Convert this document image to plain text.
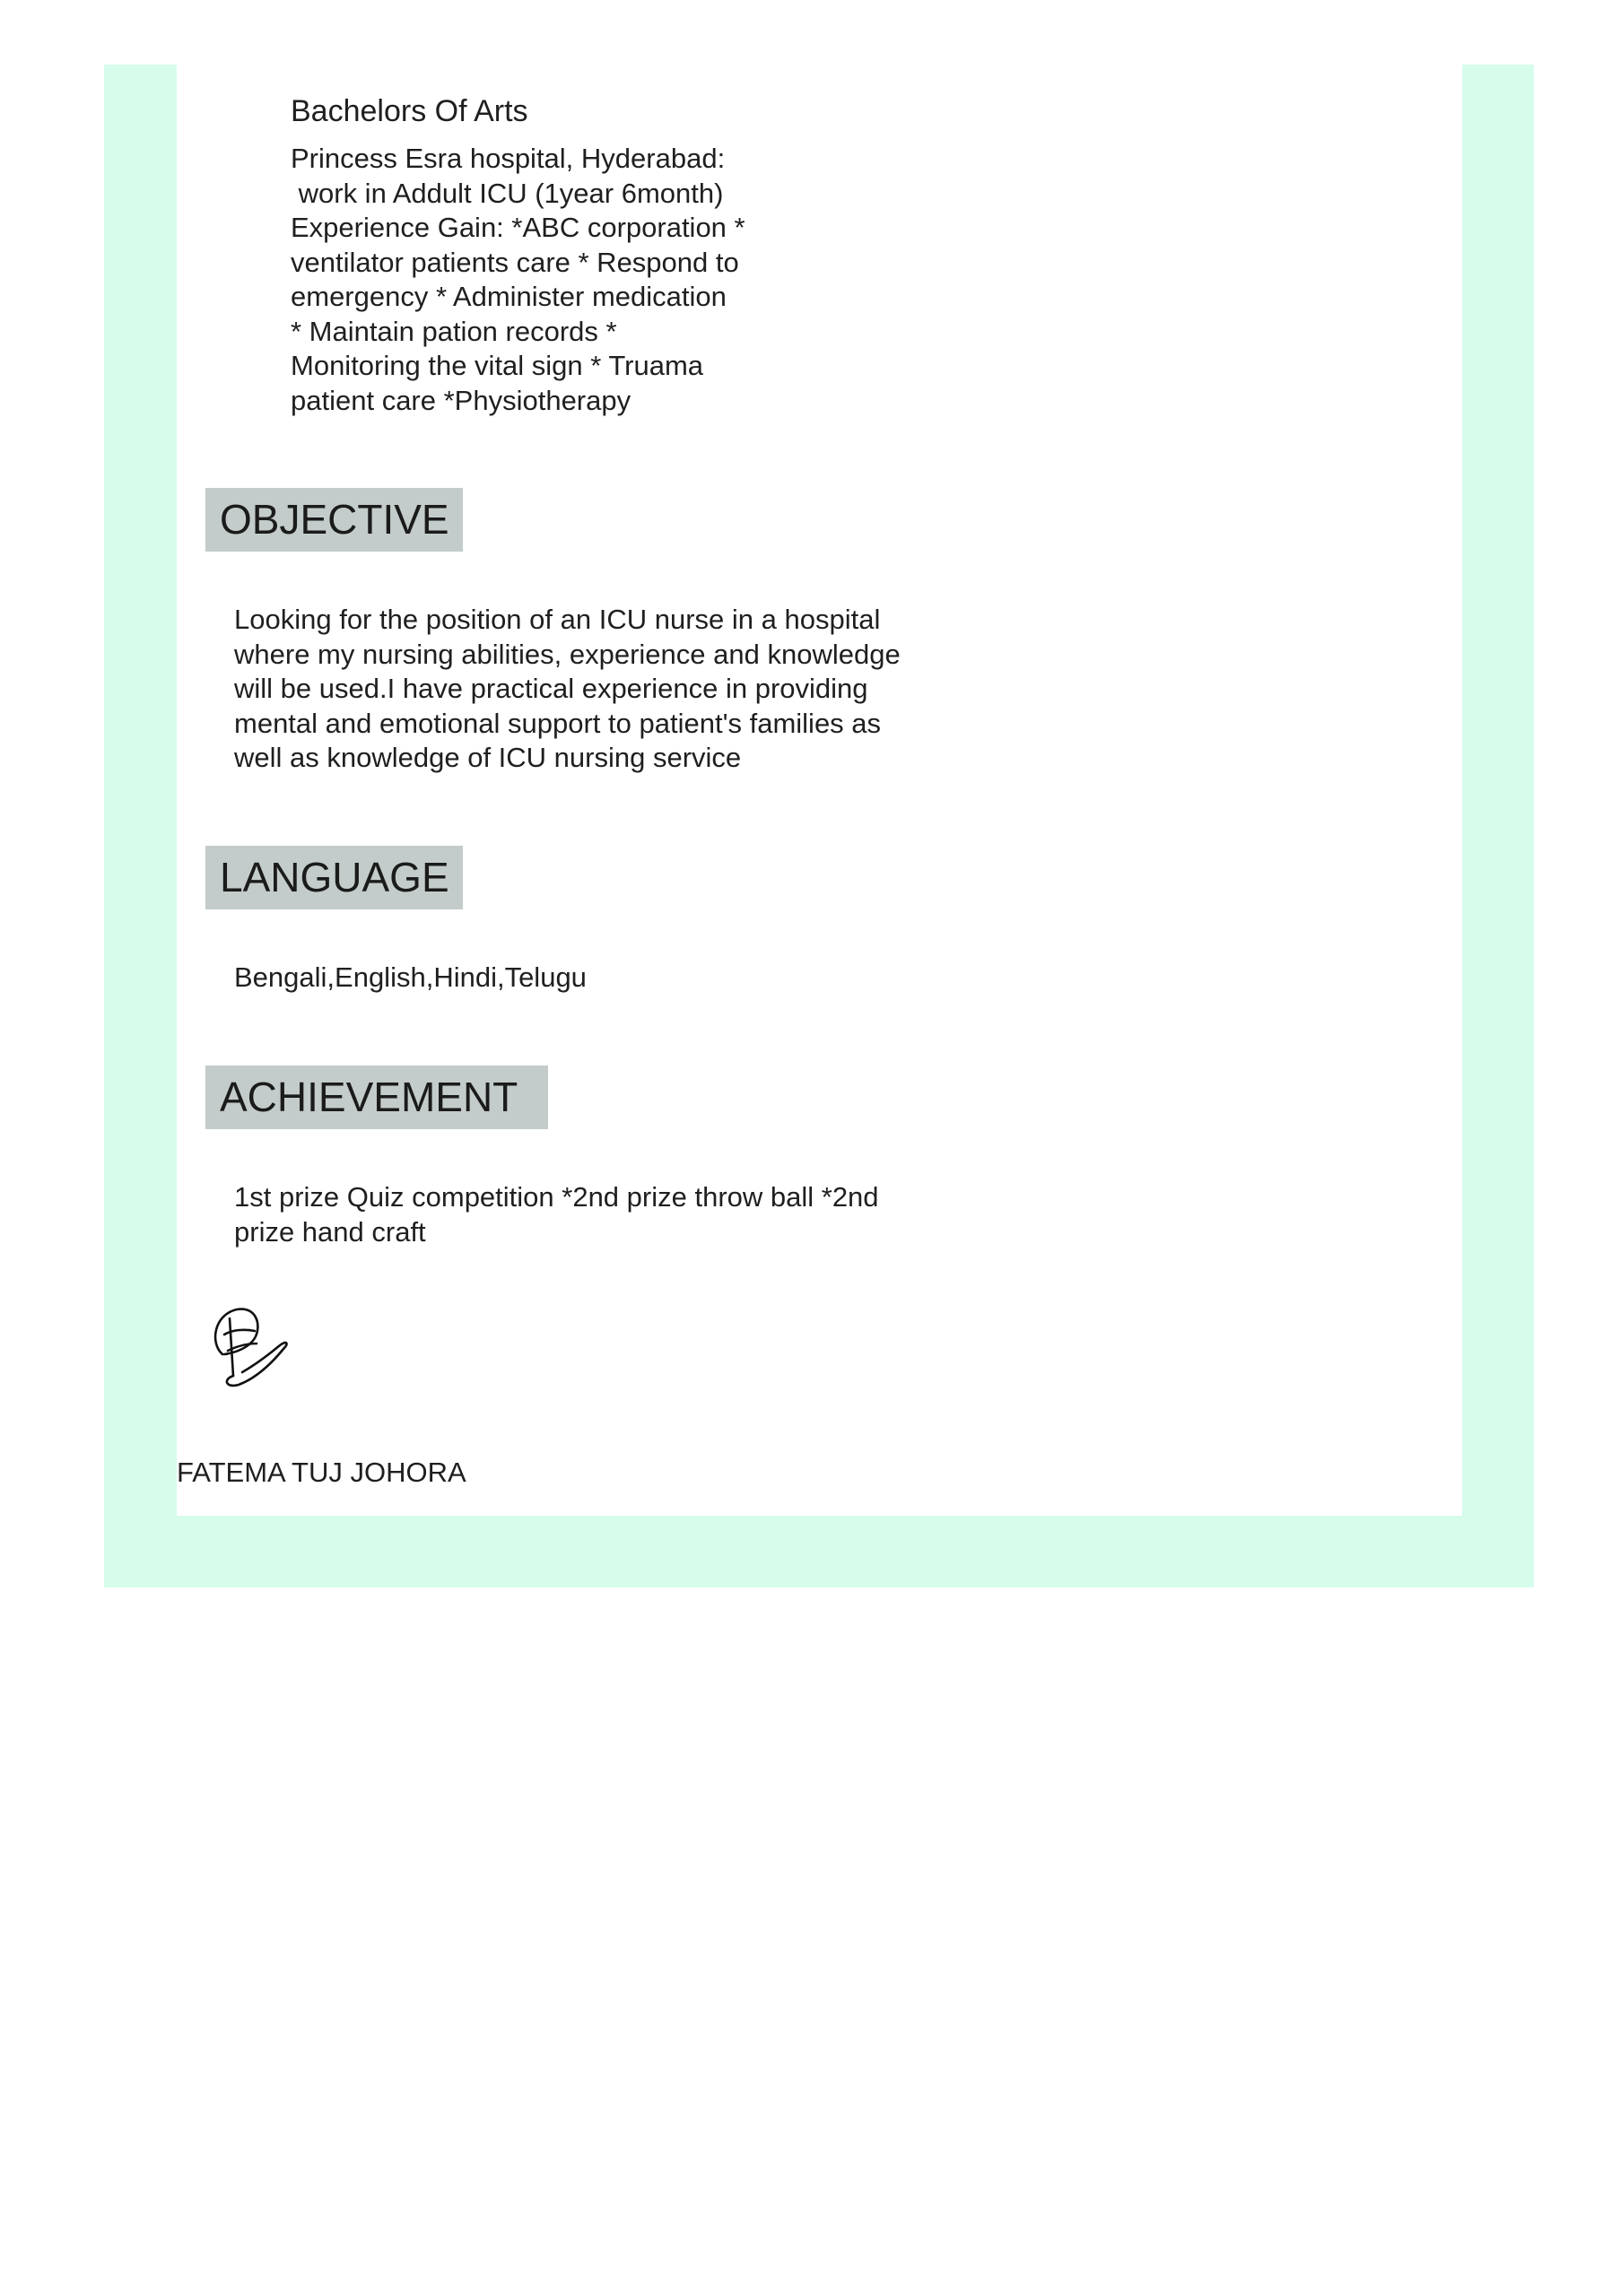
Bachelors Of Arts
Princess Esra hospital, Hyderabad:
work in Addult ICU (1year 6month)
Experience Gain: *ABC corporation *
ventilator patients care * Respond to
emergency * Administer medication
* Maintain pation records *
Monitoring the vital sign * Truama
patient care *Physiotherapy
OBJECTIVE
Looking for the position of an ICU nurse in a hospital
where my nursing abilities, experience and knowledge
will be used.I have practical experience in providing
mental and emotional support to patient's families as
well as knowledge of ICU nursing service
LANGUAGE
Bengali,English,Hindi,Telugu
ACHIEVEMENT
1st prize Quiz competition *2nd prize throw ball *2nd
prize hand craft
FATEMA TUJ JOHORA
